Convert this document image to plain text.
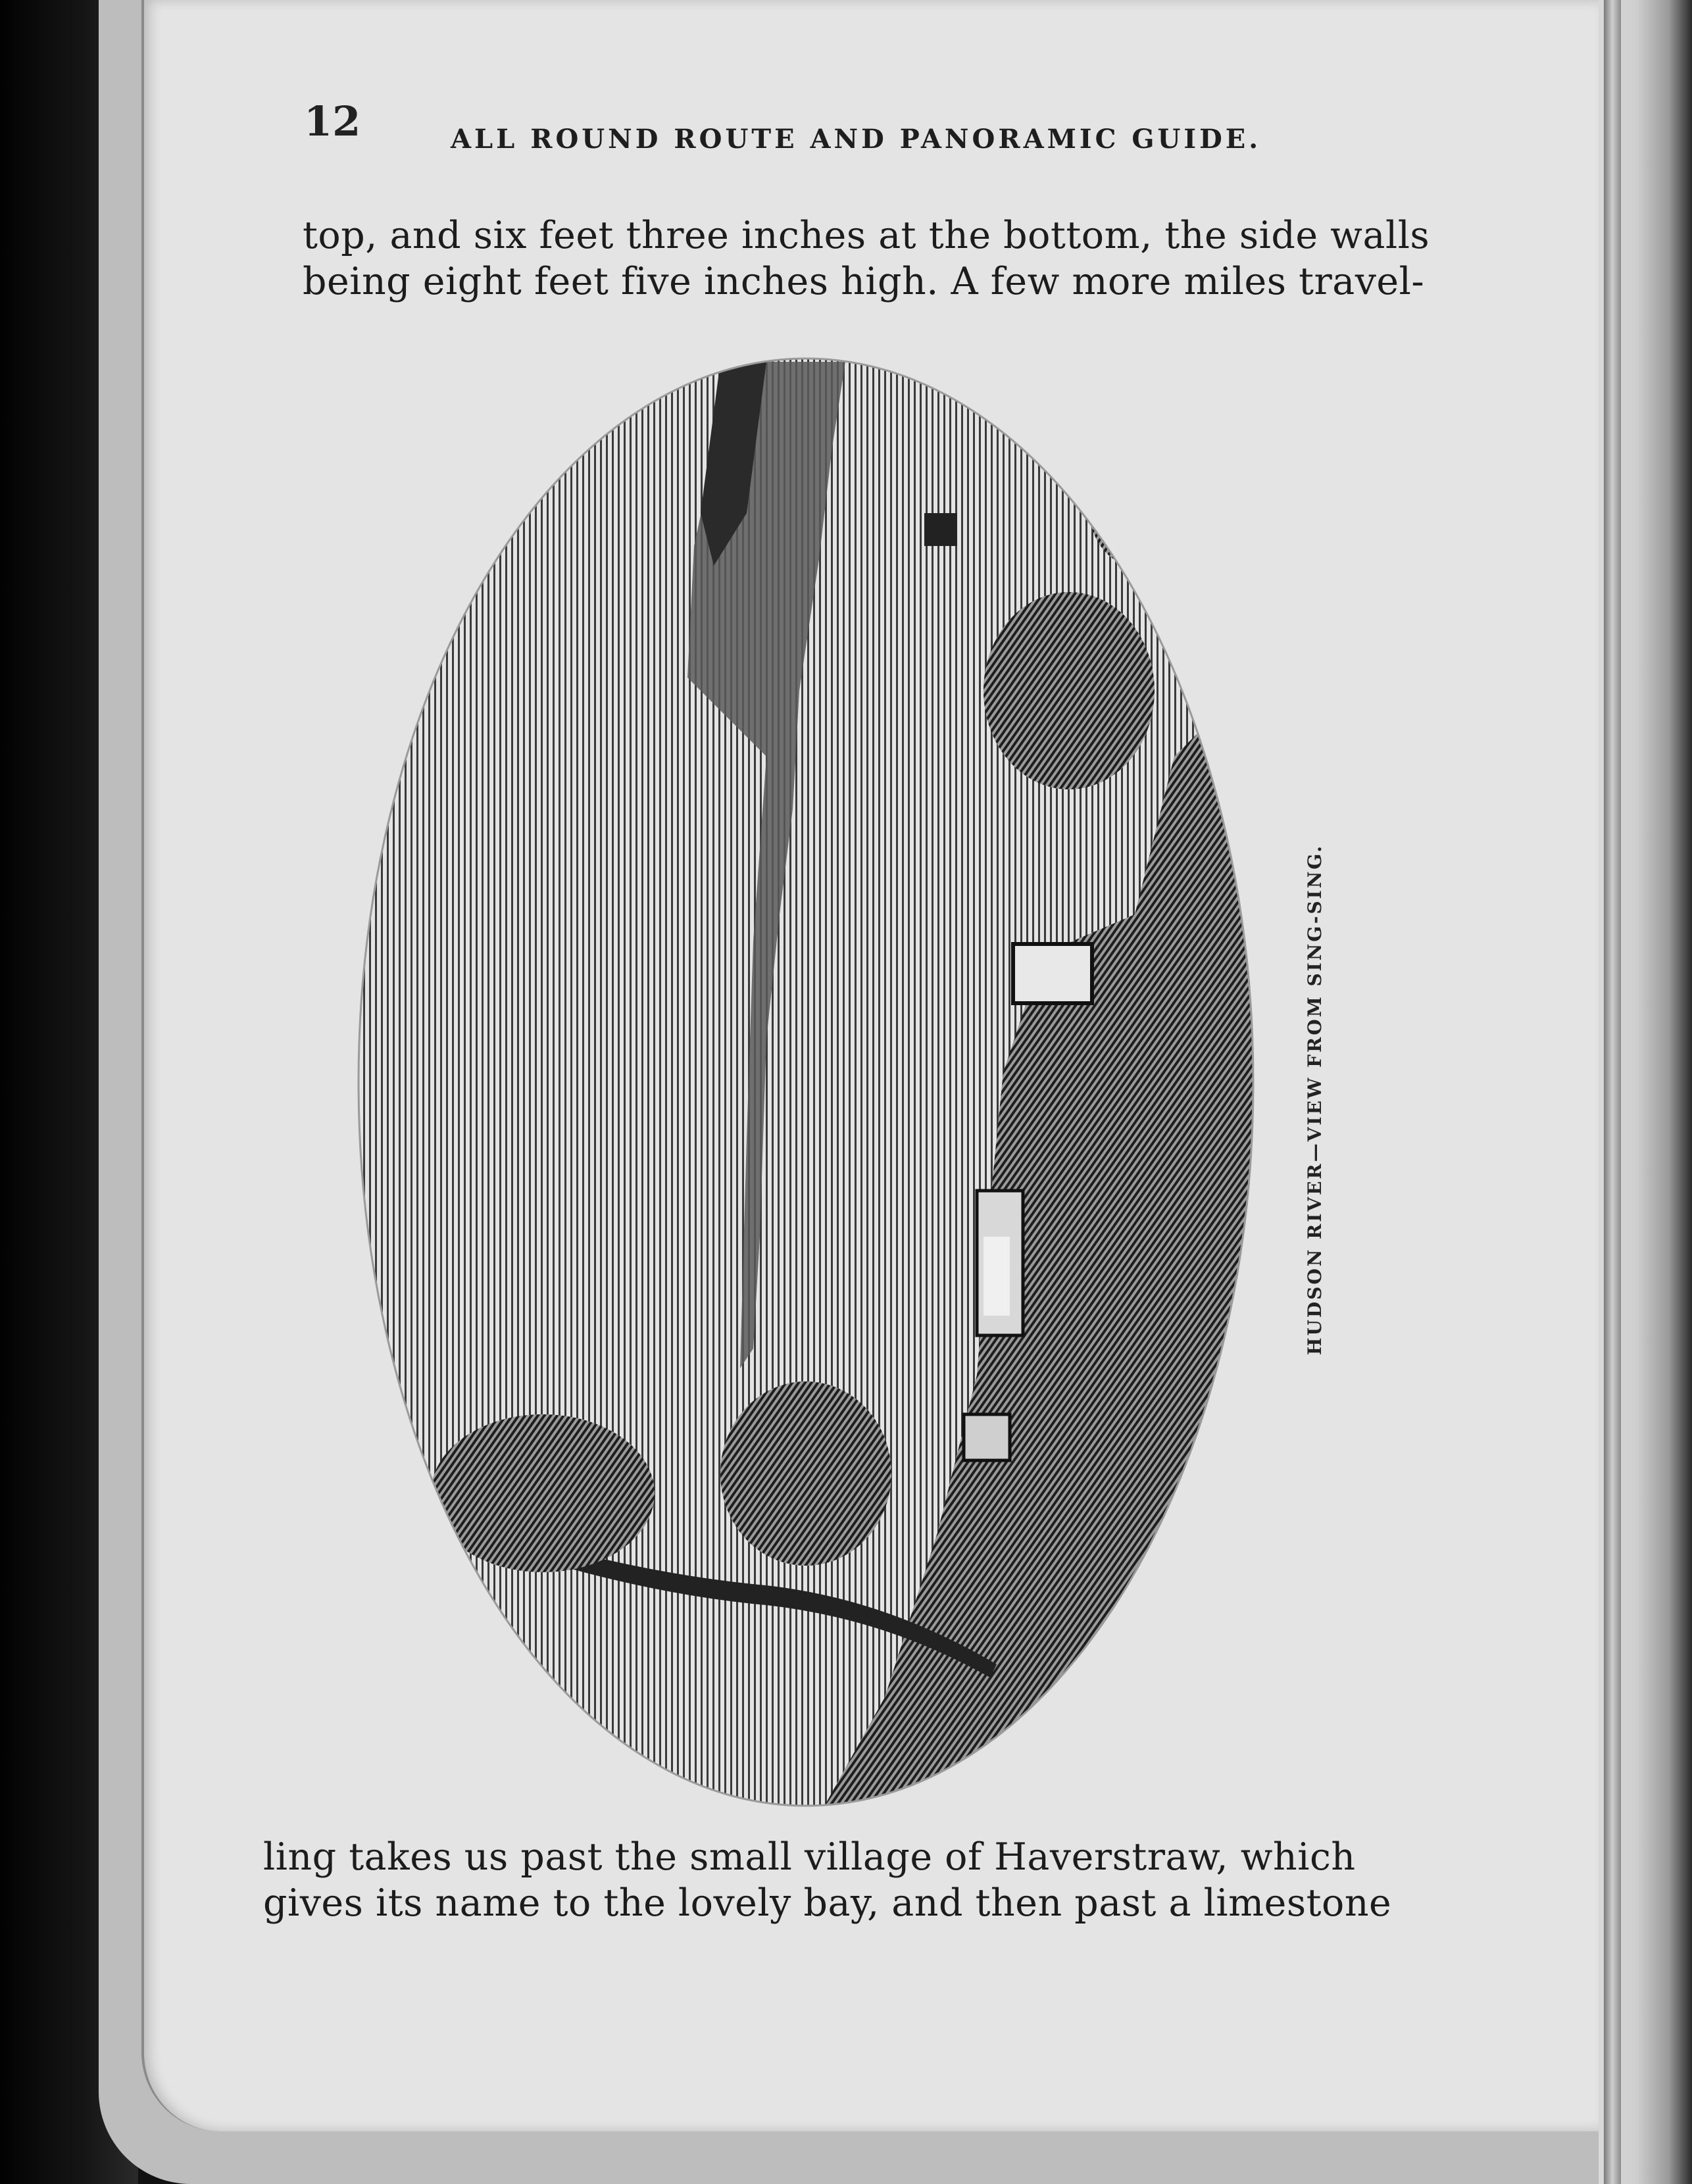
12	ALL ROUND ROUTE AND PANORAMIC GUIDE.
top, and six feet three inches at the bottom, the side walls
being eight feet five inches high. A few more miles travel-
HUDSON RIVER—VIEW FROM SING-SING.
ling takes us past the small village of Haverstraw, which
gives its name to the lovely bay, and then past a limestone
